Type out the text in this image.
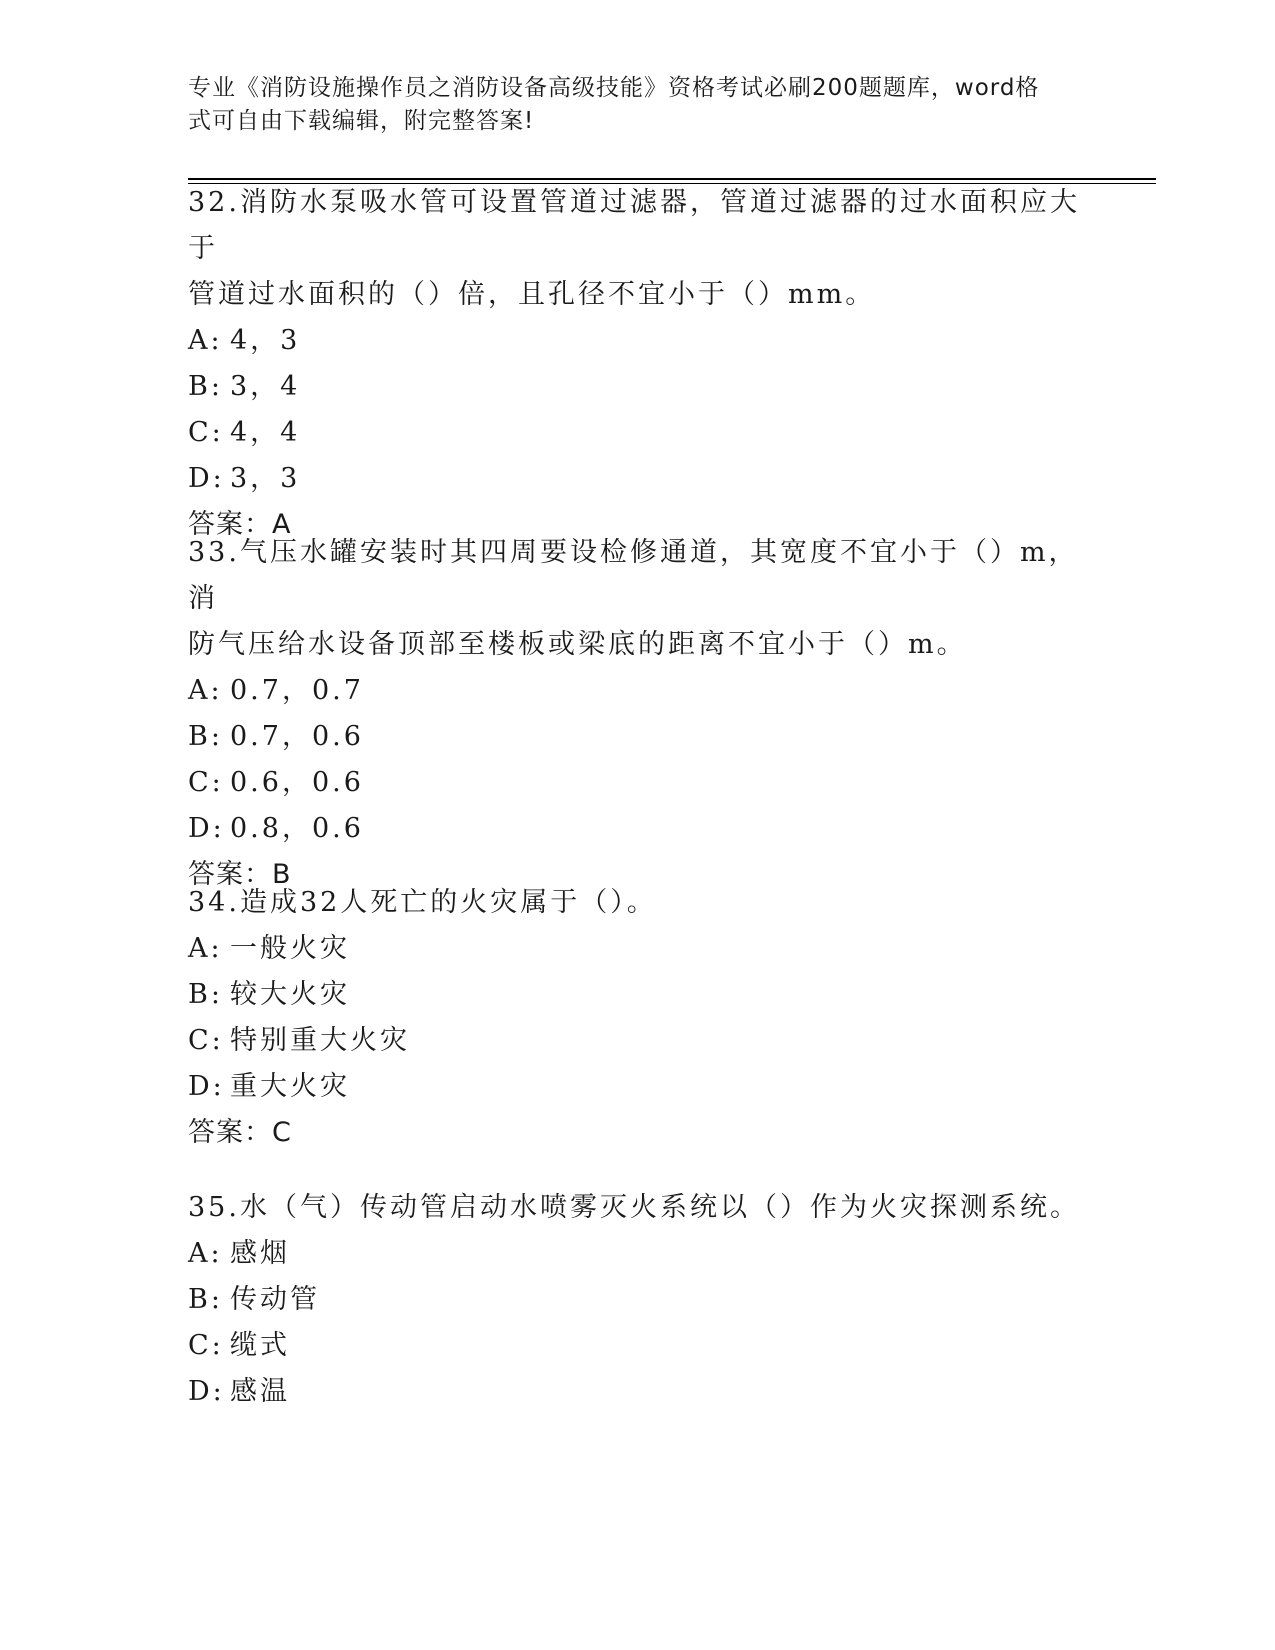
专业《消防设施操作员之消防设备高级技能》资格考试必刷200题题库，word格
式可自由下载编辑，附完整答案!

32.消防水泵吸水管可设置管道过滤器，管道过滤器的过水面积应大于

管道过水面积的（）倍，且孔径不宜小于（）mm。

A: 4，3

B: 3，4

C: 4，4

D: 3，3

答案：A

33.气压水罐安装时其四周要设检修通道，其宽度不宜小于（）m，消

防气压给水设备顶部至楼板或梁底的距离不宜小于（）m。

A: 0.7，0.7

B: 0.7，0.6

C: 0.6，0.6

D: 0.8，0.6

答案：B

34.造成32人死亡的火灾属于（）。

A: 一般火灾

B: 较大火灾

C: 特别重大火灾

D: 重大火灾

答案：C

35.水（气）传动管启动水喷雾灭火系统以（）作为火灾探测系统。

A: 感烟

B: 传动管

C: 缆式

D: 感温
